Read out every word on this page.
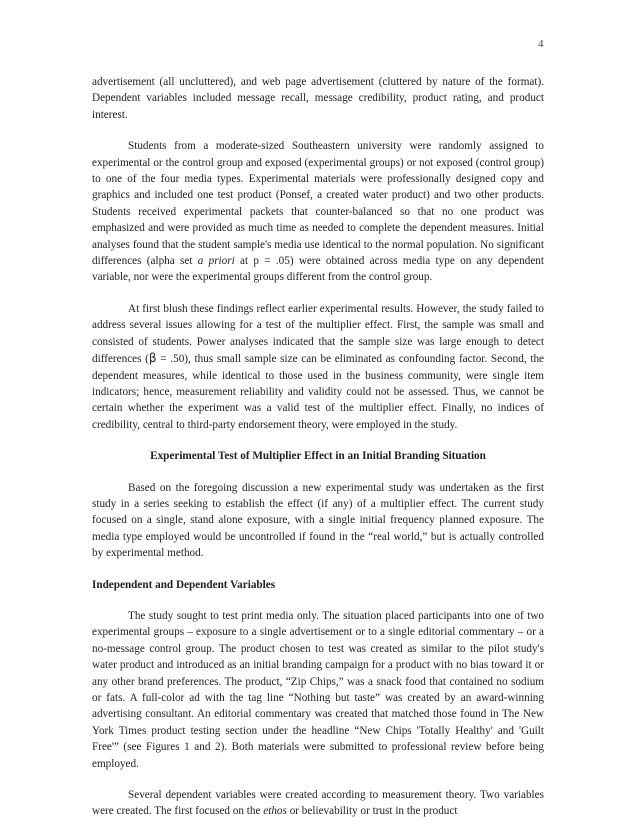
4

advertisement (all uncluttered), and web page advertisement (cluttered by nature of the format). Dependent variables included message recall, message credibility, product rating, and product interest.

Students from a moderate-sized Southeastern university were randomly assigned to experimental or the control group and exposed (experimental groups) or not exposed (control group) to one of the four media types. Experimental materials were professionally designed copy and graphics and included one test product (Ponsef, a created water product) and two other products. Students received experimental packets that counter-balanced so that no one product was emphasized and were provided as much time as needed to complete the dependent measures. Initial analyses found that the student sample's media use identical to the normal population. No significant differences (alpha set a priori at p = .05) were obtained across media type on any dependent variable, nor were the experimental groups different from the control group.

At first blush these findings reflect earlier experimental results. However, the study failed to address several issues allowing for a test of the multiplier effect. First, the sample was small and consisted of students. Power analyses indicated that the sample size was large enough to detect differences (β = .50), thus small sample size can be eliminated as confounding factor. Second, the dependent measures, while identical to those used in the business community, were single item indicators; hence, measurement reliability and validity could not be assessed. Thus, we cannot be certain whether the experiment was a valid test of the multiplier effect. Finally, no indices of credibility, central to third-party endorsement theory, were employed in the study.

Experimental Test of Multiplier Effect in an Initial Branding Situation

Based on the foregoing discussion a new experimental study was undertaken as the first study in a series seeking to establish the effect (if any) of a multiplier effect. The current study focused on a single, stand alone exposure, with a single initial frequency planned exposure. The media type employed would be uncontrolled if found in the “real world,” but is actually controlled by experimental method.

Independent and Dependent Variables

The study sought to test print media only. The situation placed participants into one of two experimental groups – exposure to a single advertisement or to a single editorial commentary – or a no-message control group. The product chosen to test was created as similar to the pilot study's water product and introduced as an initial branding campaign for a product with no bias toward it or any other brand preferences. The product, “Zip Chips,” was a snack food that contained no sodium or fats. A full-color ad with the tag line “Nothing but taste” was created by an award-winning advertising consultant. An editorial commentary was created that matched those found in The New York Times product testing section under the headline “New Chips 'Totally Healthy' and 'Guilt Free'” (see Figures 1 and 2). Both materials were submitted to professional review before being employed.

Several dependent variables were created according to measurement theory. Two variables were created. The first focused on the ethos or believability or trust in the product
